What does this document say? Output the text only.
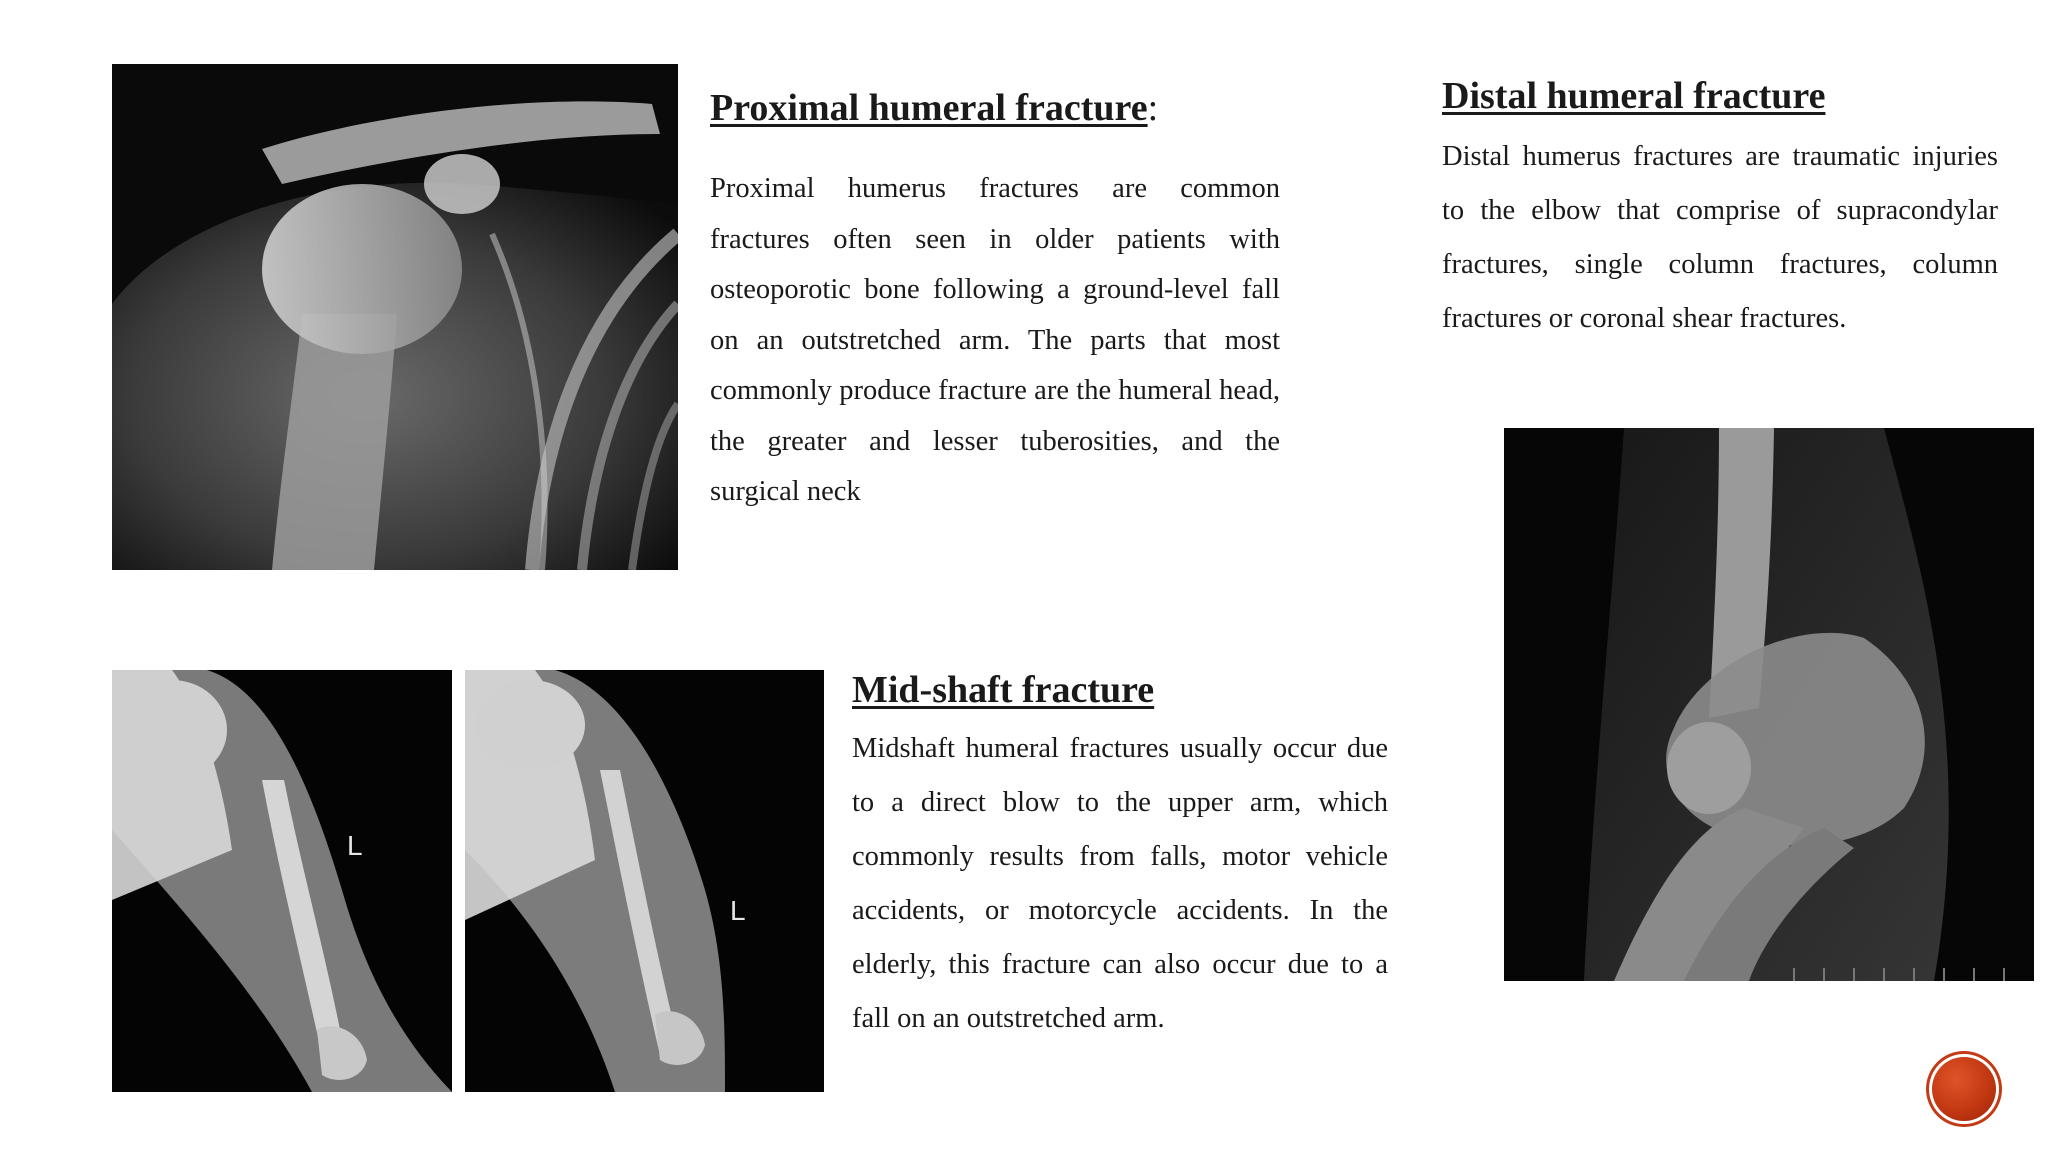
Proximal humeral fracture:

Proximal humerus fractures are common fractures often seen in older patients with osteoporotic bone following a ground-level fall on an outstretched arm. The parts that most commonly produce fracture are the humeral head, the greater and lesser tuberosities, and the surgical neck

Distal humeral fracture

Distal humerus fractures are traumatic injuries to the elbow that comprise of supracondylar fractures, single column fractures, column fractures or coronal shear fractures.

L
L
Mid-shaft fracture

Midshaft humeral fractures usually occur due to a direct blow to the upper arm, which commonly results from falls, motor vehicle accidents, or motorcycle accidents. In the elderly, this fracture can also occur due to a fall on an outstretched arm.
